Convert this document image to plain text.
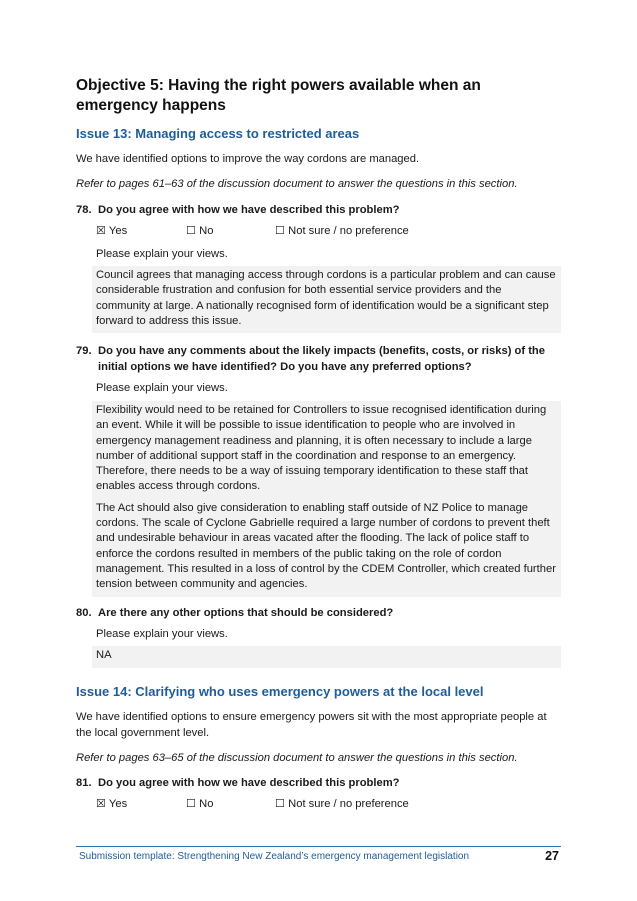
Objective 5: Having the right powers available when an emergency happens
Issue 13: Managing access to restricted areas

We have identified options to improve the way cordons are managed.

Refer to pages 61–63 of the discussion document to answer the questions in this section.

78. Do you agree with how we have described this problem?
☒ Yes	☐ No	☐ Not sure / no preference
Please explain your views.

Council agrees that managing access through cordons is a particular problem and can cause considerable frustration and confusion for both essential service providers and the community at large. A nationally recognised form of identification would be a significant step forward to address this issue.

79. Do you have any comments about the likely impacts (benefits, costs, or risks) of the initial options we have identified? Do you have any preferred options?
Please explain your views.

Flexibility would need to be retained for Controllers to issue recognised identification during an event. While it will be possible to issue identification to people who are involved in emergency management readiness and planning, it is often necessary to include a large number of additional support staff in the coordination and response to an emergency. Therefore, there needs to be a way of issuing temporary identification to these staff that enables access through cordons.

The Act should also give consideration to enabling staff outside of NZ Police to manage cordons. The scale of Cyclone Gabrielle required a large number of cordons to prevent theft and undesirable behaviour in areas vacated after the flooding. The lack of police staff to enforce the cordons resulted in members of the public taking on the role of cordon management. This resulted in a loss of control by the CDEM Controller, which created further tension between community and agencies.

80. Are there any other options that should be considered?
Please explain your views.

NA

Issue 14: Clarifying who uses emergency powers at the local level

We have identified options to ensure emergency powers sit with the most appropriate people at the local government level.

Refer to pages 63–65 of the discussion document to answer the questions in this section.

81. Do you agree with how we have described this problem?
☒ Yes	☐ No	☐ Not sure / no preference
Submission template: Strengthening New Zealand’s emergency management legislation	27
